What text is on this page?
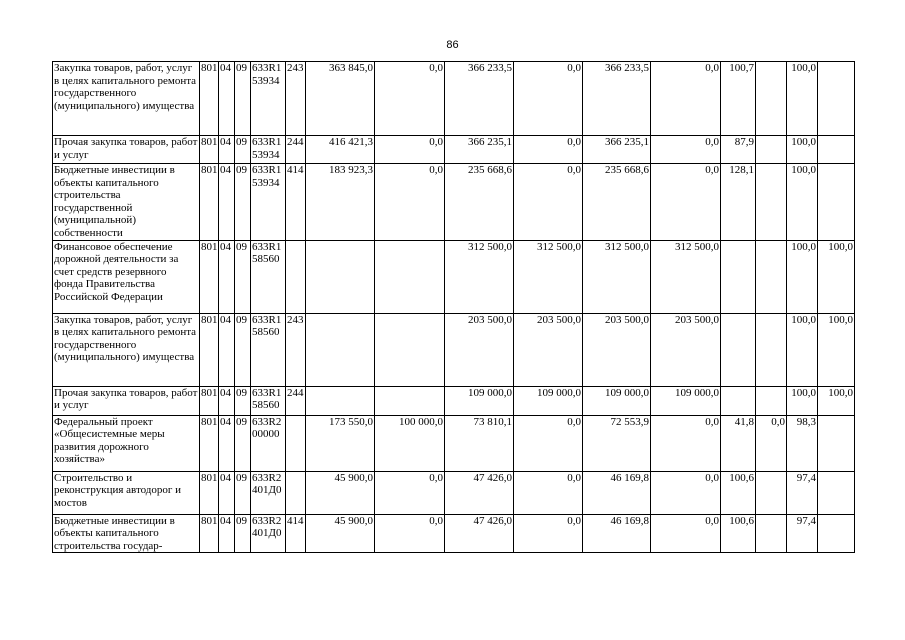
86
Закупка товаров, работ, услуг в целях капитального ремонта государственного (муниципального) имущества	801	04	09	633R153934	243	363 845,0	0,0	366 233,5	0,0	366 233,5	0,0	100,7		100,0	
Прочая закупка товаров, работ и услуг	801	04	09	633R153934	244	416 421,3	0,0	366 235,1	0,0	366 235,1	0,0	87,9		100,0	
Бюджетные инвестиции в объекты капитального строительства государственной (муниципальной) собственности	801	04	09	633R153934	414	183 923,3	0,0	235 668,6	0,0	235 668,6	0,0	128,1		100,0	
Финансовое обеспечение дорожной деятельности за счет средств резервного фонда Правительства Российской Федерации	801	04	09	633R158560				312 500,0	312 500,0	312 500,0	312 500,0			100,0	100,0
Закупка товаров, работ, услуг в целях капитального ремонта государственного (муниципального) имущества	801	04	09	633R158560	243			203 500,0	203 500,0	203 500,0	203 500,0			100,0	100,0
Прочая закупка товаров, работ и услуг	801	04	09	633R158560	244			109 000,0	109 000,0	109 000,0	109 000,0			100,0	100,0
Федеральный проект «Общесистемные меры развития дорожного хозяйства»	801	04	09	633R200000		173 550,0	100 000,0	73 810,1	0,0	72 553,9	0,0	41,8	0,0	98,3	
Строительство и реконструкция автодорог и мостов	801	04	09	633R2401Д0		45 900,0	0,0	47 426,0	0,0	46 169,8	0,0	100,6		97,4	
Бюджетные инвестиции в объекты капитального строительства государ-	801	04	09	633R2401Д0	414	45 900,0	0,0	47 426,0	0,0	46 169,8	0,0	100,6		97,4	
